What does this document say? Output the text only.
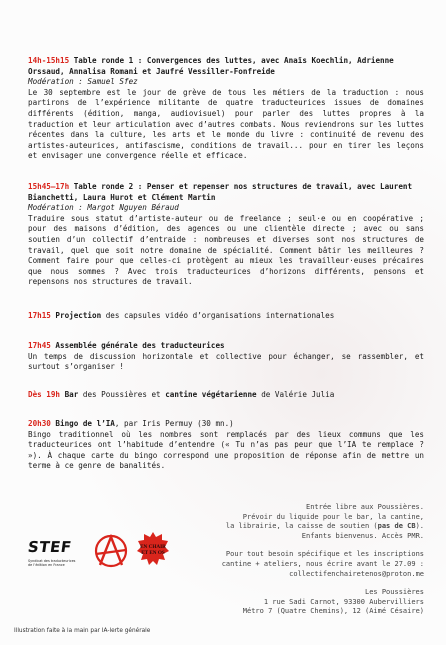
14h-15h15 Table ronde 1 : Convergences des luttes, avec Anaïs Koechlin, Adrienne Orssaud, Annalisa Romani et Jaufré Vessiller-Fonfreide
Modération : Samuel Sfez
Le 30 septembre est le jour de grève de tous les métiers de la traduction : nous partirons de l’expérience militante de quatre traducteurices issues de domaines différents (édition, manga, audiovisuel) pour parler des luttes propres à la traduction et leur articulation avec d’autres combats. Nous reviendrons sur les luttes récentes dans la culture, les arts et le monde du livre : continuité de revenu des artistes-auteurices, antifascisme, conditions de travail... pour en tirer les leçons et envisager une convergence réelle et efficace.
15h45–17h Table ronde 2 : Penser et repenser nos structures de travail, avec Laurent Bianchetti, Laura Hurot et Clément Martin
Modération : Margot Nguyen Béraud
Traduire sous statut d’artiste-auteur ou de freelance ; seul·e ou en coopérative ; pour des maisons d’édition, des agences ou une clientèle directe ; avec ou sans soutien d’un collectif d’entraide : nombreuses et diverses sont nos structures de travail, quel que soit notre domaine de spécialité. Comment bâtir les meilleures ? Comment faire pour que celles-ci protègent au mieux les travailleur·euses précaires que nous sommes ? Avec trois traducteurices d’horizons différents, pensons et repensons nos structures de travail.
17h15 Projection des capsules vidéo d’organisations internationales
17h45 Assemblée générale des traducteurices
Un temps de discussion horizontale et collective pour échanger, se rassembler, et surtout s’organiser !
Dès 19h Bar des Poussières et cantine végétarienne de Valérie Julia
20h30 Bingo de l’IA, par Iris Permuy (30 mn.)
Bingo traditionnel où les nombres sont remplacés par des lieux communs que les traducteurices ont l’habitude d’entendre (« Tu n’as pas peur que l’IA te remplace ? »). À chaque carte du bingo correspond une proposition de réponse afin de mettre un terme à ce genre de banalités.
Entrée libre aux Poussières.
Prévoir du liquide pour le bar, la cantine,
la librairie, la caisse de soutien (pas de CB).
Enfants bienvenus. Accès PMR.
Pour tout besoin spécifique et les inscriptions
cantine + ateliers, nous écrire avant le 27.09 :
collectifenchairetenos@proton.me
Les Poussières
1 rue Sadi Carnot, 93300 Aubervilliers
Métro 7 (Quatre Chemins), 12 (Aimé Césaire)
STEF
Syndicat des traducteurices
de l’édition en France
EN CHAIR
ET EN OS
Illustration faite à la main par IA-lerte générale
